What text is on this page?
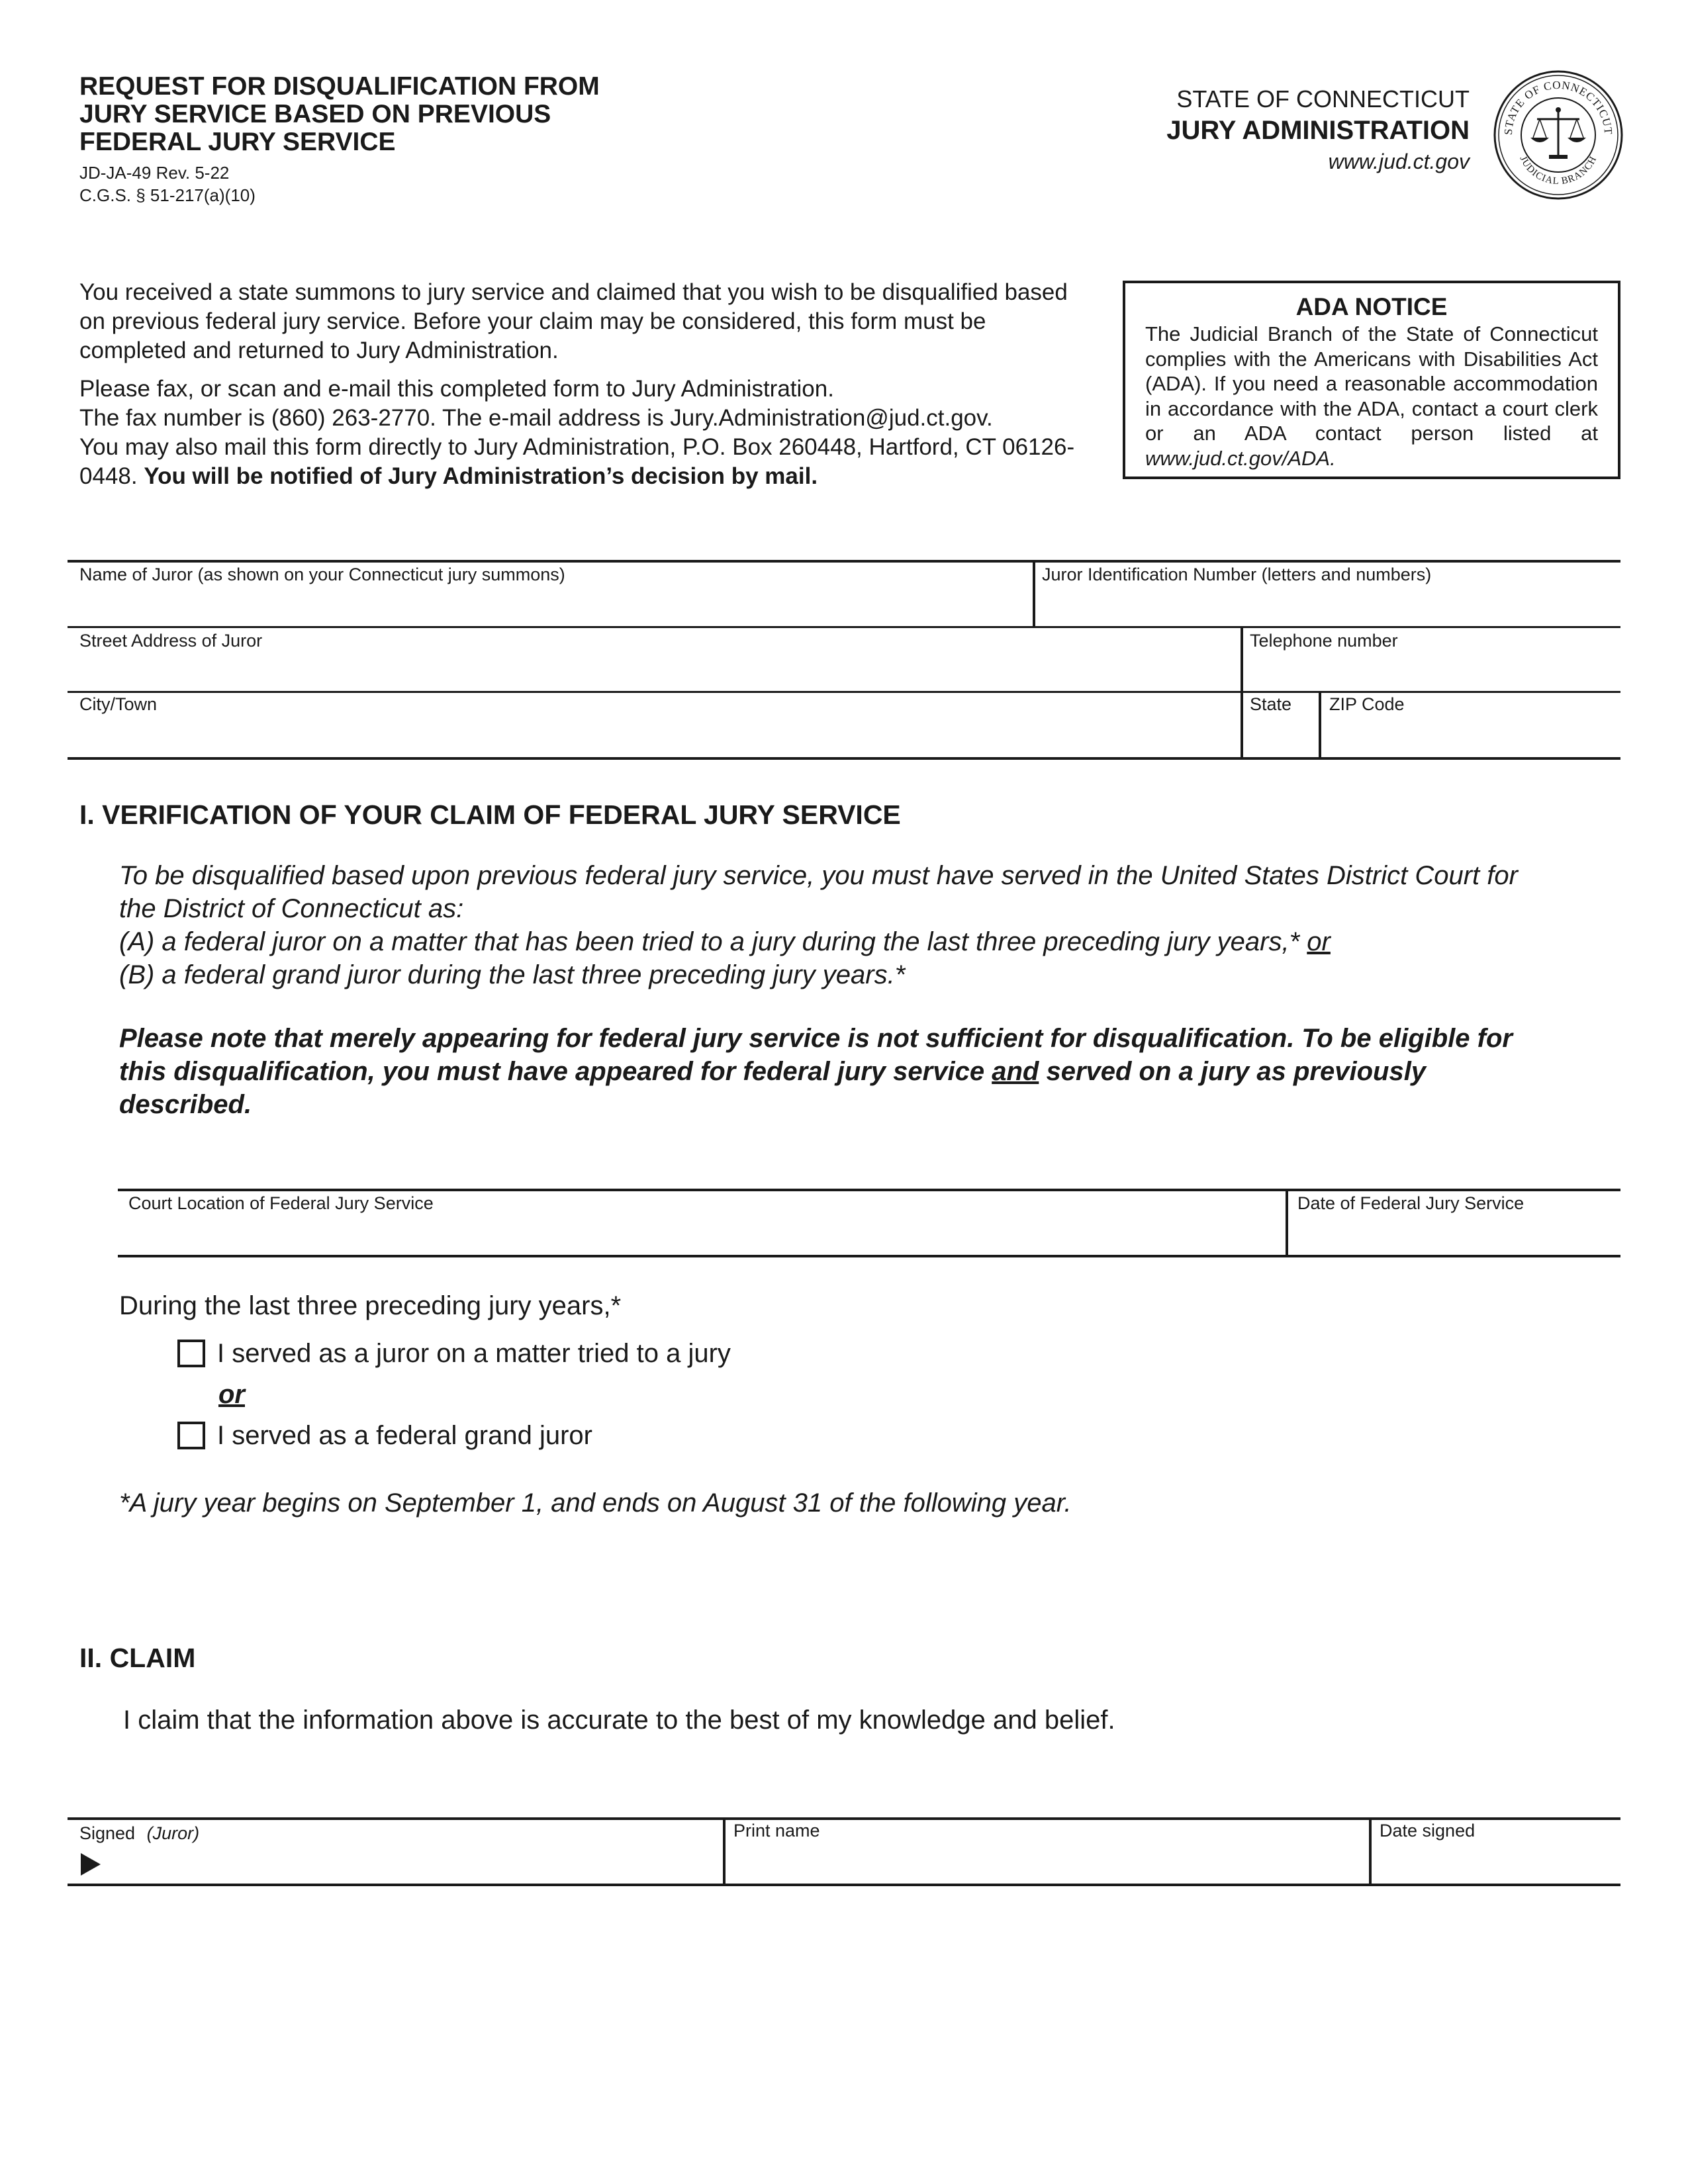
REQUEST FOR DISQUALIFICATION FROM
JURY SERVICE BASED ON PREVIOUS
FEDERAL JURY SERVICE
JD-JA-49 Rev. 5-22
C.G.S. § 51-217(a)(10)
STATE OF CONNECTICUT
JURY ADMINISTRATION
www.jud.ct.gov
STATE OF CONNECTICUT
JUDICIAL BRANCH

You received a state summons to jury service and claimed that you wish to be disqualified based on previous federal jury service. Before your claim may be considered, this form must be completed and returned to Jury Administration.

Please fax, or scan and e-mail this completed form to Jury Administration.
The fax number is (860) 263-2770. The e-mail address is Jury.Administration@jud.ct.gov.
You may also mail this form directly to Jury Administration, P.O. Box 260448, Hartford, CT 06126-0448. You will be notified of Jury Administration’s decision by mail.

ADA NOTICE
The Judicial Branch of the State of Connecticut complies with the Americans with Disabilities Act (ADA). If you need a reasonable accommodation in accordance with the ADA, contact a court clerk or an ADA contact person listed at www.jud.ct.gov/ADA.
Name of Juror (as shown on your Connecticut jury summons)	Juror Identification Number (letters and numbers)
Street Address of Juror	Telephone number
City/Town	State ZIP Code
I. VERIFICATION OF YOUR CLAIM OF FEDERAL JURY SERVICE
To be disqualified based upon previous federal jury service, you must have served in the United States District Court for
the District of Connecticut as:
(A) a federal juror on a matter that has been tried to a jury during the last three preceding jury years,* or
(B) a federal grand juror during the last three preceding jury years.*
Please note that merely appearing for federal jury service is not sufficient for disqualification. To be eligible for
this disqualification, you must have appeared for federal jury service and served on a jury as previously
described.
Court Location of Federal Jury Service	Date of Federal Jury Service
During the last three preceding jury years,*
I served as a juror on a matter tried to a jury
or
I served as a federal grand juror
*A jury year begins on September 1, and ends on August 31 of the following year.
II. CLAIM
I claim that the information above is accurate to the best of my knowledge and belief.
Signed (Juror)	Print name	Date signed
